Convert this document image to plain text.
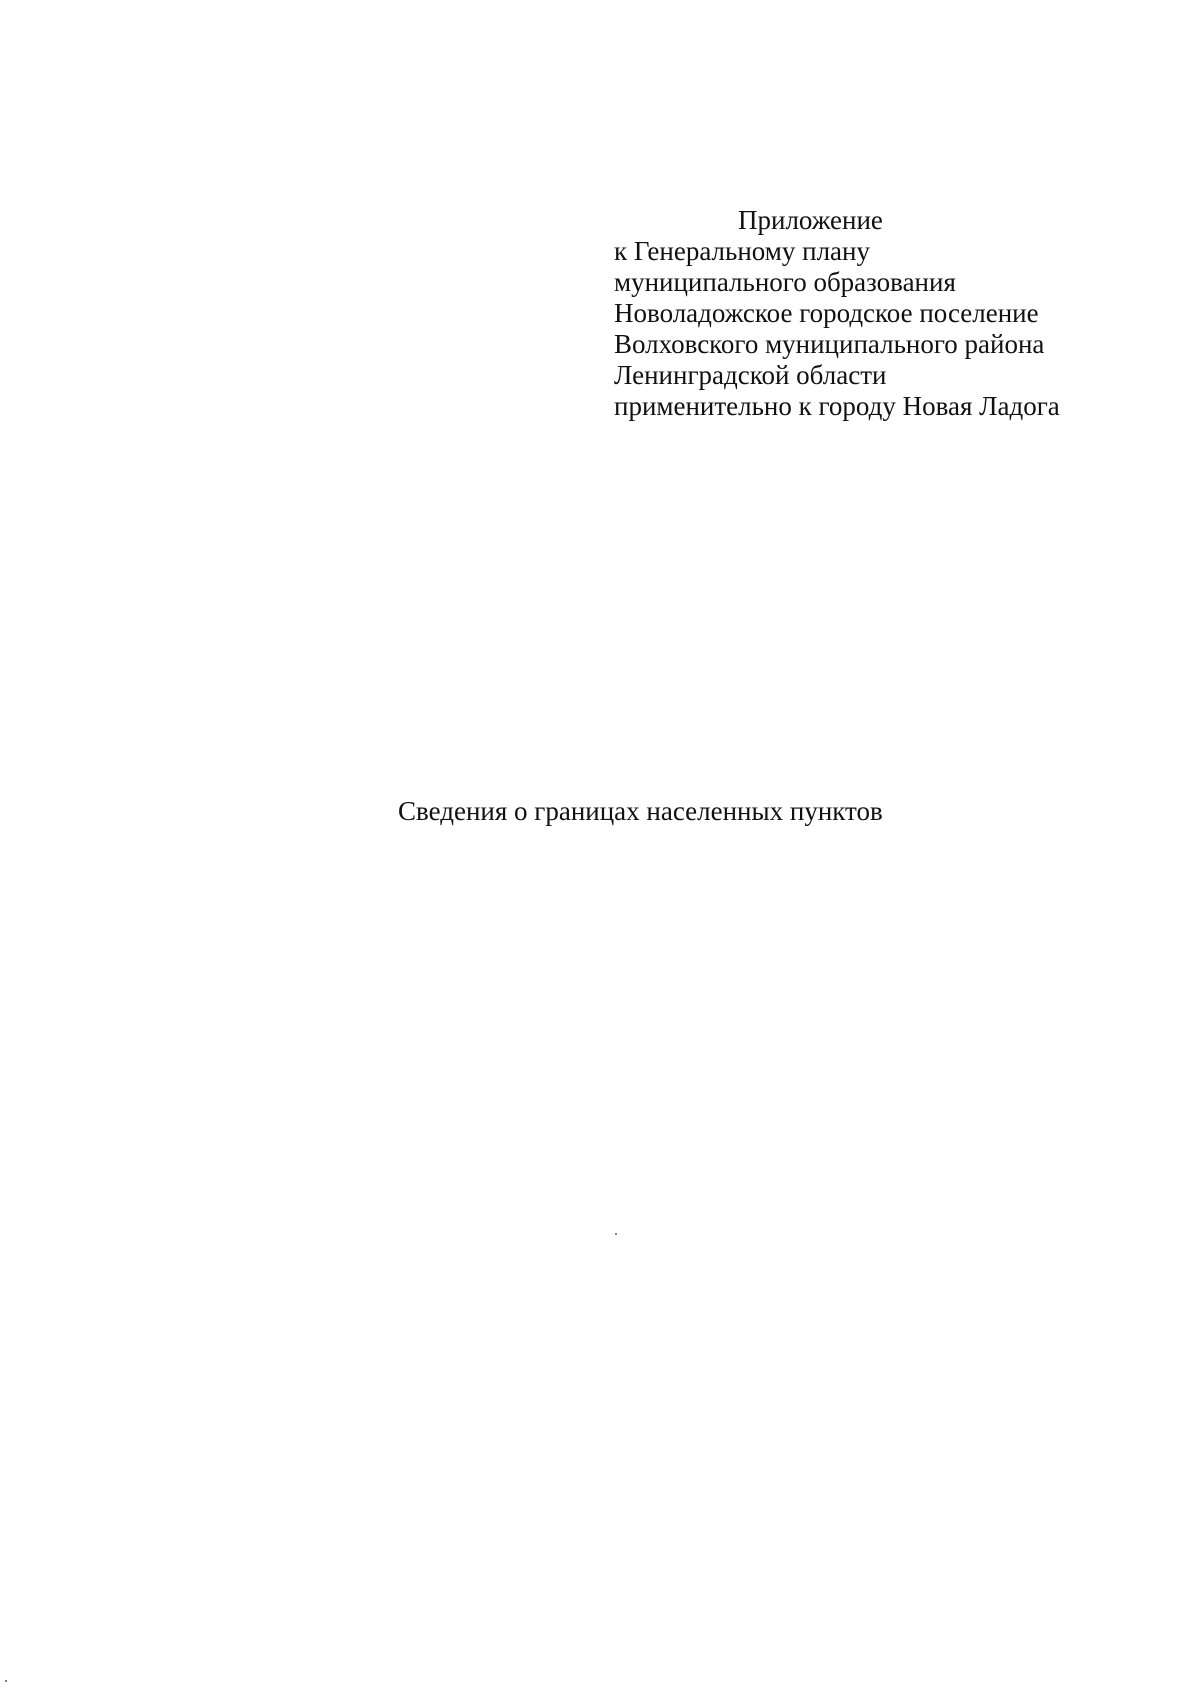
Приложение
к Генеральному плану
муниципального образования
Новоладожское городское поселение
Волховского муниципального района
Ленинградской области
применительно к городу Новая Ладога
Сведения о границах населенных пунктов
